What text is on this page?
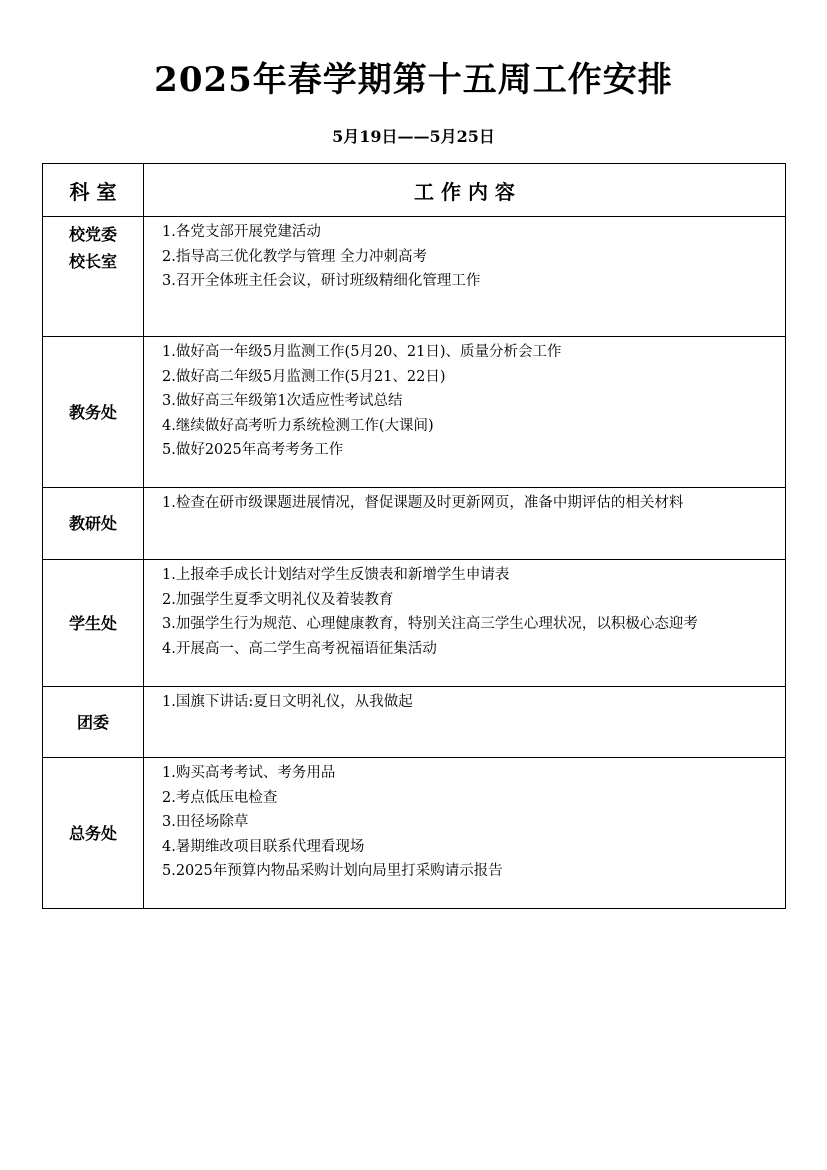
2025年春学期第十五周工作安排
5月19日——5月25日
科 室	工 作 内 容

校党委
校长室	1.各党支部开展党建活动
2.指导高三优化教学与管理 全力冲刺高考
3.召开全体班主任会议，研讨班级精细化管理工作

教务处	1.做好高一年级5月监测工作(5月20、21日)、质量分析会工作
2.做好高二年级5月监测工作(5月21、22日)
3.做好高三年级第1次适应性考试总结
4.继续做好高考听力系统检测工作(大课间)
5.做好2025年高考考务工作

教研处	1.检查在研市级课题进展情况，督促课题及时更新网页，准备中期评估的相关材料

学生处	1.上报牵手成长计划结对学生反馈表和新增学生申请表
2.加强学生夏季文明礼仪及着装教育
3.加强学生行为规范、心理健康教育，特别关注高三学生心理状况，以积极心态迎考
4.开展高一、高二学生高考祝福语征集活动

团委	1.国旗下讲话:夏日文明礼仪，从我做起

总务处	1.购买高考考试、考务用品
2.考点低压电检查
3.田径场除草
4.暑期维改项目联系代理看现场
5.2025年预算内物品采购计划向局里打采购请示报告
